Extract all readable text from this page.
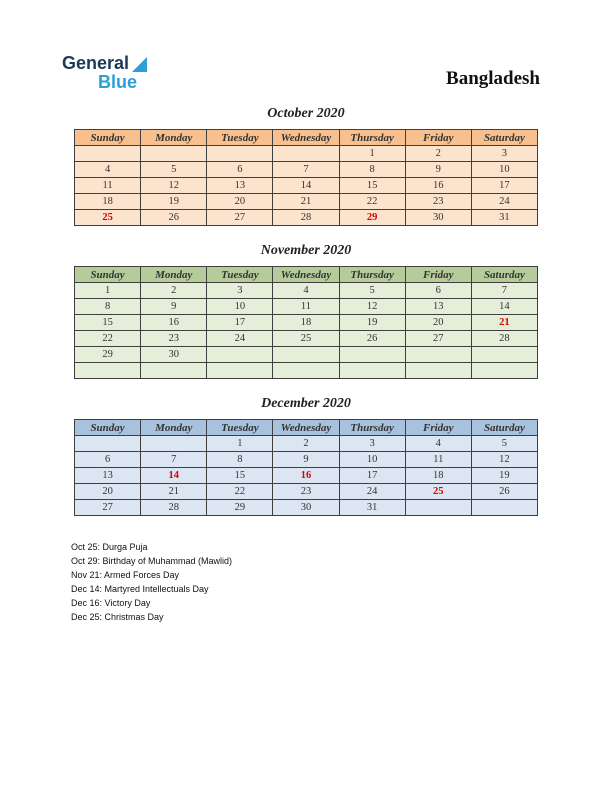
General
Blue	Bangladesh
October 2020
Sunday	Monday	Tuesday	Wednesday	Thursday	Friday	Saturday
				1	2	3
4	5	6	7	8	9	10
11	12	13	14	15	16	17
18	19	20	21	22	23	24
25	26	27	28	29	30	31
November 2020
Sunday	Monday	Tuesday	Wednesday	Thursday	Friday	Saturday
1	2	3	4	5	6	7
8	9	10	11	12	13	14
15	16	17	18	19	20	21
22	23	24	25	26	27	28
29	30					

December 2020
Sunday	Monday	Tuesday	Wednesday	Thursday	Friday	Saturday
		1	2	3	4	5
6	7	8	9	10	11	12
13	14	15	16	17	18	19
20	21	22	23	24	25	26
27	28	29	30	31		
Oct 25: Durga Puja
Oct 29: Birthday of Muhammad (Mawlid)
Nov 21: Armed Forces Day
Dec 14: Martyred Intellectuals Day
Dec 16: Victory Day
Dec 25: Christmas Day
